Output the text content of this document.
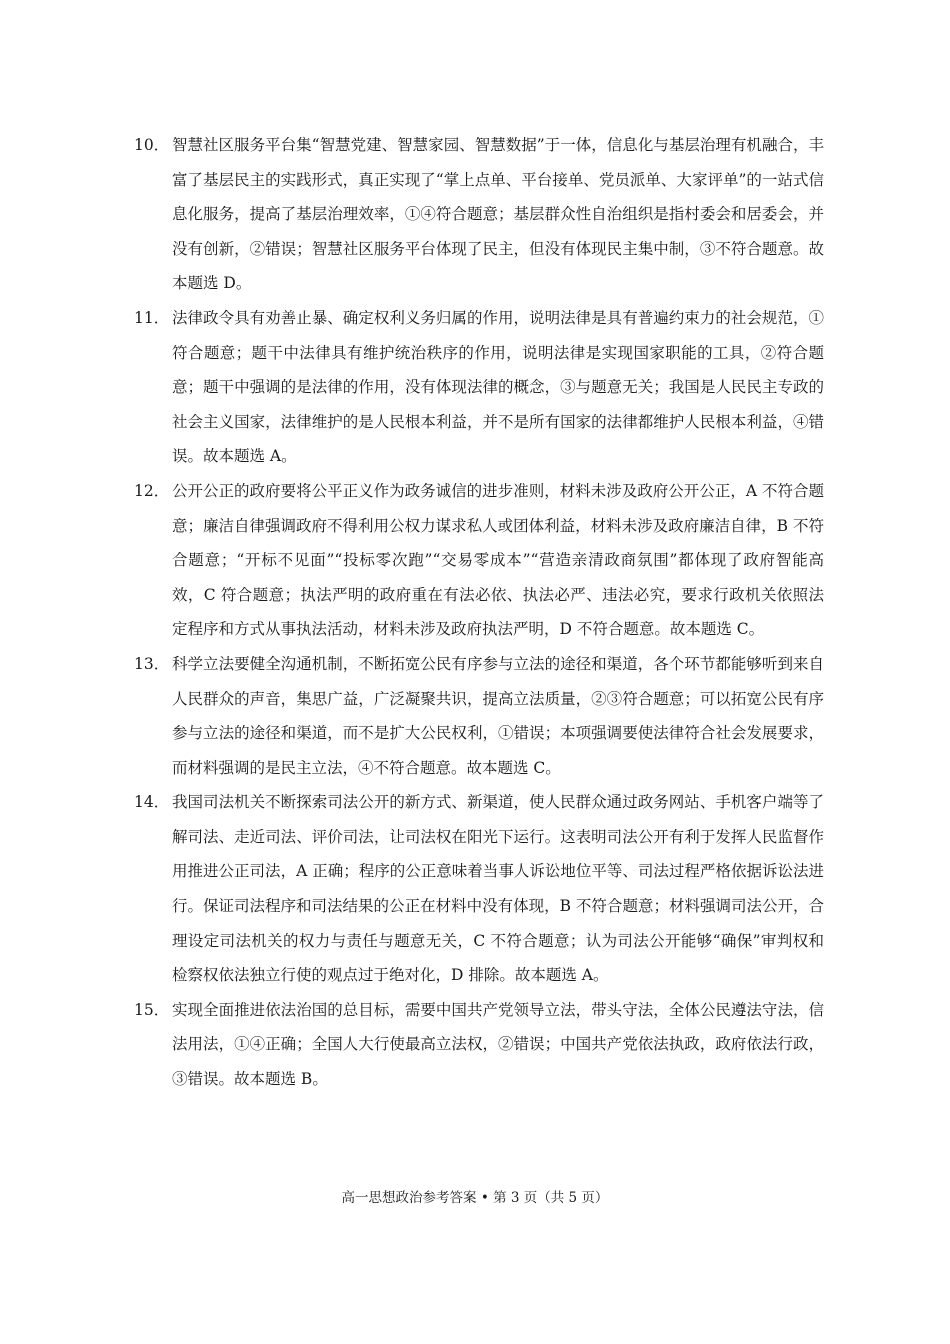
10． 智慧社区服务平台集“智慧党建、智慧家园、智慧数据”于一体，信息化与基层治理有机融合，丰富了基层民主的实践形式，真正实现了“掌上点单、平台接单、党员派单、大家评单”的一站式信息化服务，提高了基层治理效率，①④符合题意；基层群众性自治组织是指村委会和居委会，并没有创新，②错误；智慧社区服务平台体现了民主，但没有体现民主集中制，③不符合题意。故本题选 D。
11． 法律政令具有劝善止暴、确定权利义务归属的作用，说明法律是具有普遍约束力的社会规范，①符合题意；题干中法律具有维护统治秩序的作用，说明法律是实现国家职能的工具，②符合题意；题干中强调的是法律的作用，没有体现法律的概念，③与题意无关；我国是人民民主专政的社会主义国家，法律维护的是人民根本利益，并不是所有国家的法律都维护人民根本利益，④错误。故本题选 A。
12． 公开公正的政府要将公平正义作为政务诚信的进步准则，材料未涉及政府公开公正，A 不符合题意；廉洁自律强调政府不得利用公权力谋求私人或团体利益，材料未涉及政府廉洁自律，B 不符合题意；“开标不见面”“投标零次跑”“交易零成本”“营造亲清政商氛围”都体现了政府智能高效，C 符合题意；执法严明的政府重在有法必依、执法必严、违法必究，要求行政机关依照法定程序和方式从事执法活动，材料未涉及政府执法严明，D 不符合题意。故本题选 C。
13． 科学立法要健全沟通机制，不断拓宽公民有序参与立法的途径和渠道，各个环节都能够听到来自人民群众的声音，集思广益，广泛凝聚共识，提高立法质量，②③符合题意；可以拓宽公民有序参与立法的途径和渠道，而不是扩大公民权利，①错误；本项强调要使法律符合社会发展要求，而材料强调的是民主立法，④不符合题意。故本题选 C。
14． 我国司法机关不断探索司法公开的新方式、新渠道，使人民群众通过政务网站、手机客户端等了解司法、走近司法、评价司法，让司法权在阳光下运行。这表明司法公开有利于发挥人民监督作用推进公正司法，A 正确；程序的公正意味着当事人诉讼地位平等、司法过程严格依据诉讼法进行。保证司法程序和司法结果的公正在材料中没有体现，B 不符合题意；材料强调司法公开，合理设定司法机关的权力与责任与题意无关，C 不符合题意；认为司法公开能够“确保”审判权和检察权依法独立行使的观点过于绝对化，D 排除。故本题选 A。
15． 实现全面推进依法治国的总目标，需要中国共产党领导立法，带头守法，全体公民遵法守法，信法用法，①④正确；全国人大行使最高立法权，②错误；中国共产党依法执政，政府依法行政，③错误。故本题选 B。
高一思想政治参考答案 • 第 3 页（共 5 页）
